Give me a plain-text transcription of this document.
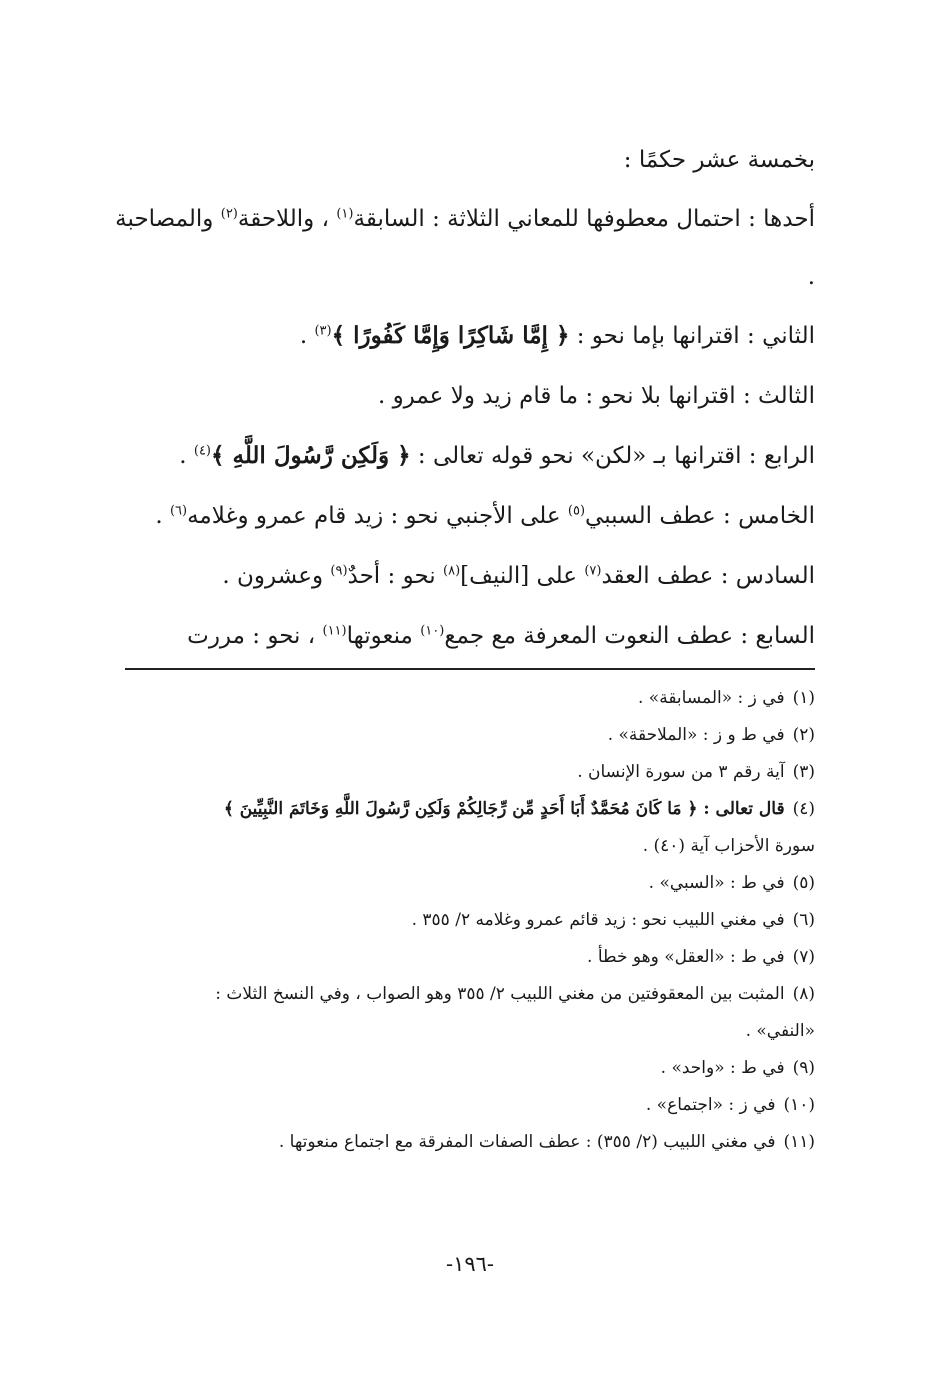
بخمسة عشر حكمًا :
أحدها : احتمال معطوفها للمعاني الثلاثة : السابقة$^{(١)}$ ، واللاحقة$^{(٢)}$ والمصاحبة .
الثاني : اقترانها بإما نحو : ﴿ إِمَّا شَاكِرًا وَإِمَّا كَفُورًا ﴾$^{(٣)}$ .
الثالث : اقترانها بلا نحو : ما قام زيد ولا عمرو .
الرابع : اقترانها بـ «لكن» نحو قوله تعالى : ﴿ وَلَكِن رَّسُولَ اللَّهِ ﴾$^{(٤)}$ .
الخامس : عطف السببي$^{(٥)}$ على الأجنبي نحو : زيد قام عمرو وغلامه$^{(٦)}$ .
السادس : عطف العقد$^{(٧)}$ على [النيف]$^{(٨)}$ نحو : أحدٌ$^{(٩)}$ وعشرون .
السابع : عطف النعوت المعرفة مع جمع$^{(١٠)}$ منعوتها$^{(١١)}$ ، نحو : مررت
(١)في ز : «المسابقة» .
(٢)في ط و ز : «الملاحقة» .
(٣)آية رقم ٣ من سورة الإنسان .
(٤)قال تعالى : ﴿ مَا كَانَ مُحَمَّدٌ أَبَا أَحَدٍ مِّن رِّجَالِكُمْ وَلَكِن رَّسُولَ اللَّهِ وَخَاتَمَ النَّبِيِّينَ ﴾
سورة الأحزاب آية (٤٠) .
(٥)في ط : «السبي» .
(٦)في مغني اللبيب نحو : زيد قائم عمرو وغلامه ٢/ ٣٥٥ .
(٧)في ط : «العقل» وهو خطأ .
(٨)المثبت بين المعقوفتين من مغني اللبيب ٢/ ٣٥٥ وهو الصواب ، وفي النسخ الثلاث :
«النفي» .
(٩)في ط : «واحد» .
(١٠)في ز : «اجتماع» .
(١١)في مغني اللبيب (٢/ ٣٥٥) : عطف الصفات المفرقة مع اجتماع منعوتها .
-١٩٦-
